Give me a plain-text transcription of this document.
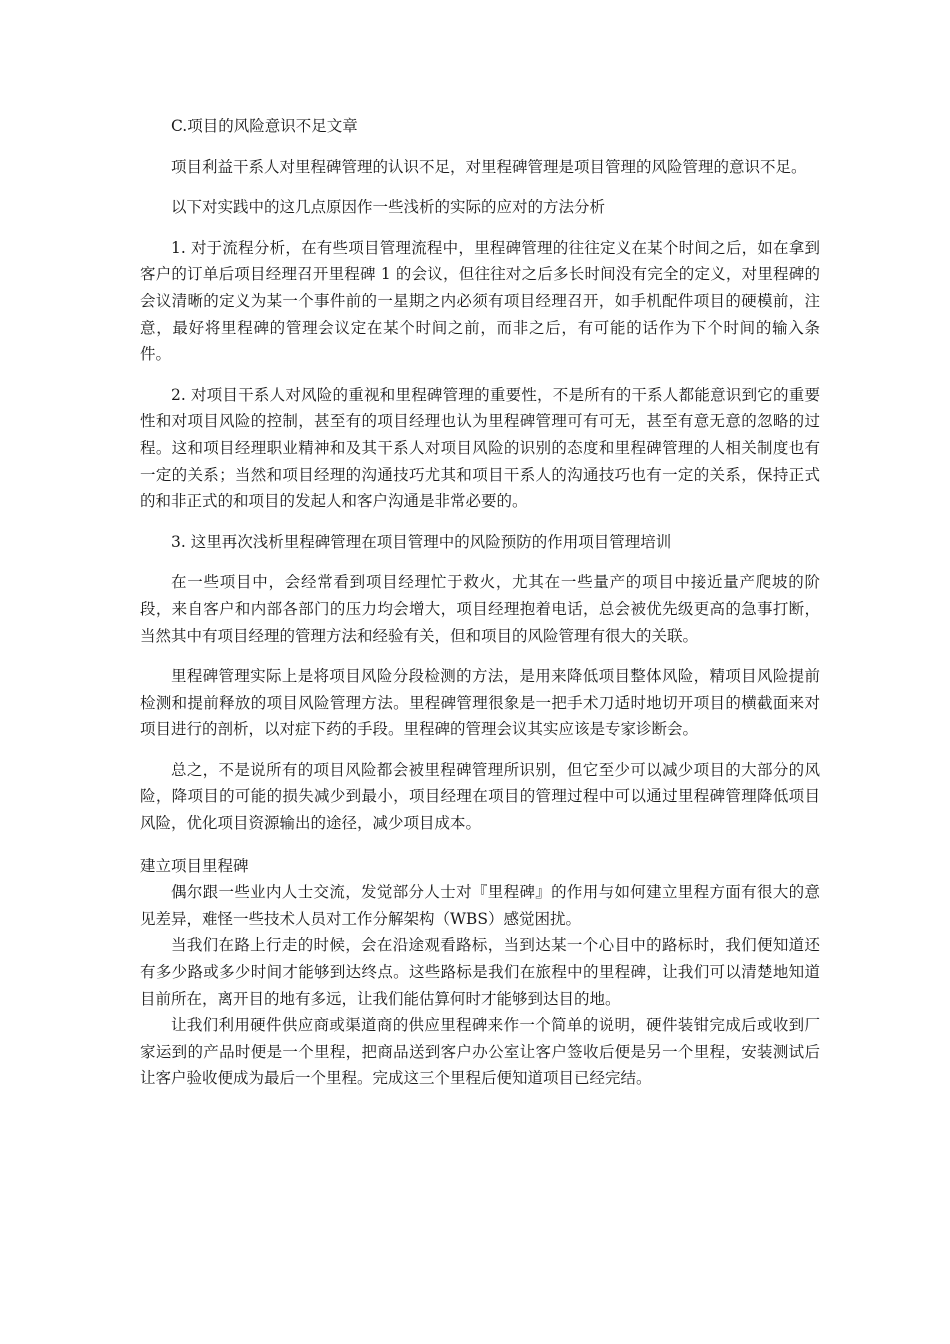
C.项目的风险意识不足文章

项目利益干系人对里程碑管理的认识不足，对里程碑管理是项目管理的风险管理的意识不足。

以下对实践中的这几点原因作一些浅析的实际的应对的方法分析

1. 对于流程分析，在有些项目管理流程中，里程碑管理的往往定义在某个时间之后，如在拿到客户的订单后项目经理召开里程碑 1 的会议，但往往对之后多长时间没有完全的定义，对里程碑的会议清晰的定义为某一个事件前的一星期之内必须有项目经理召开，如手机配件项目的硬模前，注意，最好将里程碑的管理会议定在某个时间之前，而非之后，有可能的话作为下个时间的输入条件。

2. 对项目干系人对风险的重视和里程碑管理的重要性，不是所有的干系人都能意识到它的重要性和对项目风险的控制，甚至有的项目经理也认为里程碑管理可有可无，甚至有意无意的忽略的过程。这和项目经理职业精神和及其干系人对项目风险的识别的态度和里程碑管理的人相关制度也有一定的关系；当然和项目经理的沟通技巧尤其和项目干系人的沟通技巧也有一定的关系，保持正式的和非正式的和项目的发起人和客户沟通是非常必要的。

3. 这里再次浅析里程碑管理在项目管理中的风险预防的作用项目管理培训

在一些项目中，会经常看到项目经理忙于救火，尤其在一些量产的项目中接近量产爬坡的阶段，来自客户和内部各部门的压力均会增大，项目经理抱着电话，总会被优先级更高的急事打断，当然其中有项目经理的管理方法和经验有关，但和项目的风险管理有很大的关联。

里程碑管理实际上是将项目风险分段检测的方法，是用来降低项目整体风险，精项目风险提前检测和提前释放的项目风险管理方法。里程碑管理很象是一把手术刀适时地切开项目的横截面来对项目进行的剖析，以对症下药的手段。里程碑的管理会议其实应该是专家诊断会。

总之，不是说所有的项目风险都会被里程碑管理所识别，但它至少可以减少项目的大部分的风险，降项目的可能的损失减少到最小，项目经理在项目的管理过程中可以通过里程碑管理降低项目风险，优化项目资源输出的途径，减少项目成本。

建立项目里程碑

偶尔跟一些业内人士交流，发觉部分人士对『里程碑』的作用与如何建立里程方面有很大的意见差异，难怪一些技术人员对工作分解架构（WBS）感觉困扰。

当我们在路上行走的时候，会在沿途观看路标，当到达某一个心目中的路标时，我们便知道还有多少路或多少时间才能够到达终点。这些路标是我们在旅程中的里程碑，让我们可以清楚地知道目前所在，离开目的地有多远，让我们能估算何时才能够到达目的地。

让我们利用硬件供应商或渠道商的供应里程碑来作一个简单的说明，硬件装钳完成后或收到厂家运到的产品时便是一个里程，把商品送到客户办公室让客户签收后便是另一个里程，安装测试后让客户验收便成为最后一个里程。完成这三个里程后便知道项目已经完结。
